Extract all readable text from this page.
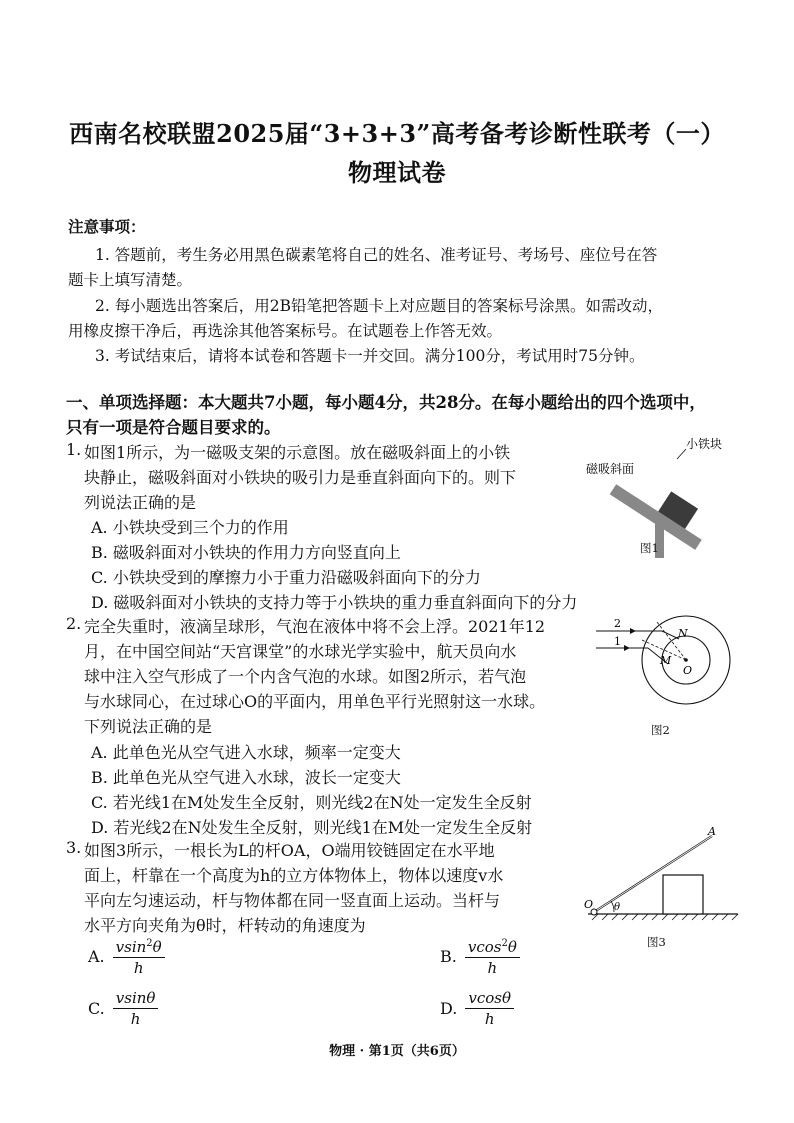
西南名校联盟2025届“3+3+3”高考备考诊断性联考（一）
物理试卷
注意事项：
1. 答题前，考生务必用黑色碳素笔将自己的姓名、准考证号、考场号、座位号在答
题卡上填写清楚。
2. 每小题选出答案后，用2B铅笔把答题卡上对应题目的答案标号涂黑。如需改动，
用橡皮擦干净后，再选涂其他答案标号。在试题卷上作答无效。
3. 考试结束后，请将本试卷和答题卡一并交回。满分100分，考试用时75分钟。
一、单项选择题：本大题共7小题，每小题4分，共28分。在每小题给出的四个选项中，
只有一项是符合题目要求的。
1. 如图1所示，为一磁吸支架的示意图。放在磁吸斜面上的小铁
块静止，磁吸斜面对小铁块的吸引力是垂直斜面向下的。则下
列说法正确的是
A. 小铁块受到三个力的作用
B. 磁吸斜面对小铁块的作用力方向竖直向上
C. 小铁块受到的摩擦力小于重力沿磁吸斜面向下的分力
D. 磁吸斜面对小铁块的支持力等于小铁块的重力垂直斜面向下的分力
小铁块
磁吸斜面
图1
2. 完全失重时，液滴呈球形，气泡在液体中将不会上浮。2021年12
月，在中国空间站“天宫课堂”的水球光学实验中，航天员向水
球中注入空气形成了一个内含气泡的水球。如图2所示，若气泡
与水球同心，在过球心O的平面内，用单色平行光照射这一水球。
下列说法正确的是
A. 此单色光从空气进入水球，频率一定变大
B. 此单色光从空气进入水球，波长一定变大
C. 若光线1在M处发生全反射，则光线2在N处一定发生全反射
D. 若光线2在N处发生全反射，则光线1在M处一定发生全反射
2
1
N
M
O
图2
3. 如图3所示，一根长为L的杆OA，O端用铰链固定在水平地
面上，杆靠在一个高度为h的立方体物体上，物体以速度v水
平向左匀速运动，杆与物体都在同一竖直面上运动。当杆与
水平方向夹角为θ时，杆转动的角速度为
A. $\frac{vsin^2\theta}{h}$	B. $\frac{vcos^2\theta}{h}$
C. $\frac{vsin\theta}{h}$	D. $\frac{vcos\theta}{h}$
O
A
θ
图3
物理 · 第1页（共6页）
